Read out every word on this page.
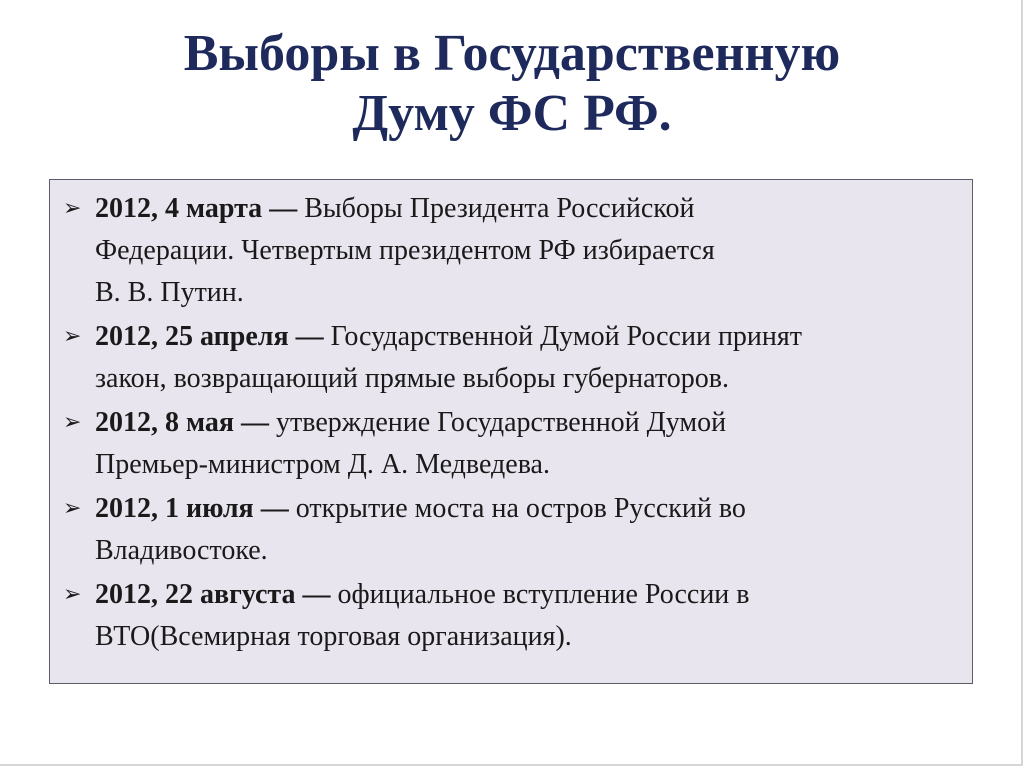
Выборы в Государственную
Думу ФС РФ.
➢ 2012, 4 марта — Выборы Президента Российской
Федерации. Четвертым президентом РФ избирается
В. В. Путин.
➢ 2012, 25 апреля — Государственной Думой России принят
закон, возвращающий прямые выборы губернаторов.
➢ 2012, 8 мая — утверждение Государственной Думой
Премьер-министром Д. А. Медведева.
➢ 2012, 1 июля — открытие моста на остров Русский во
Владивостоке.
➢ 2012, 22 августа — официальное вступление России в
ВТО(Всемирная торговая организация).
